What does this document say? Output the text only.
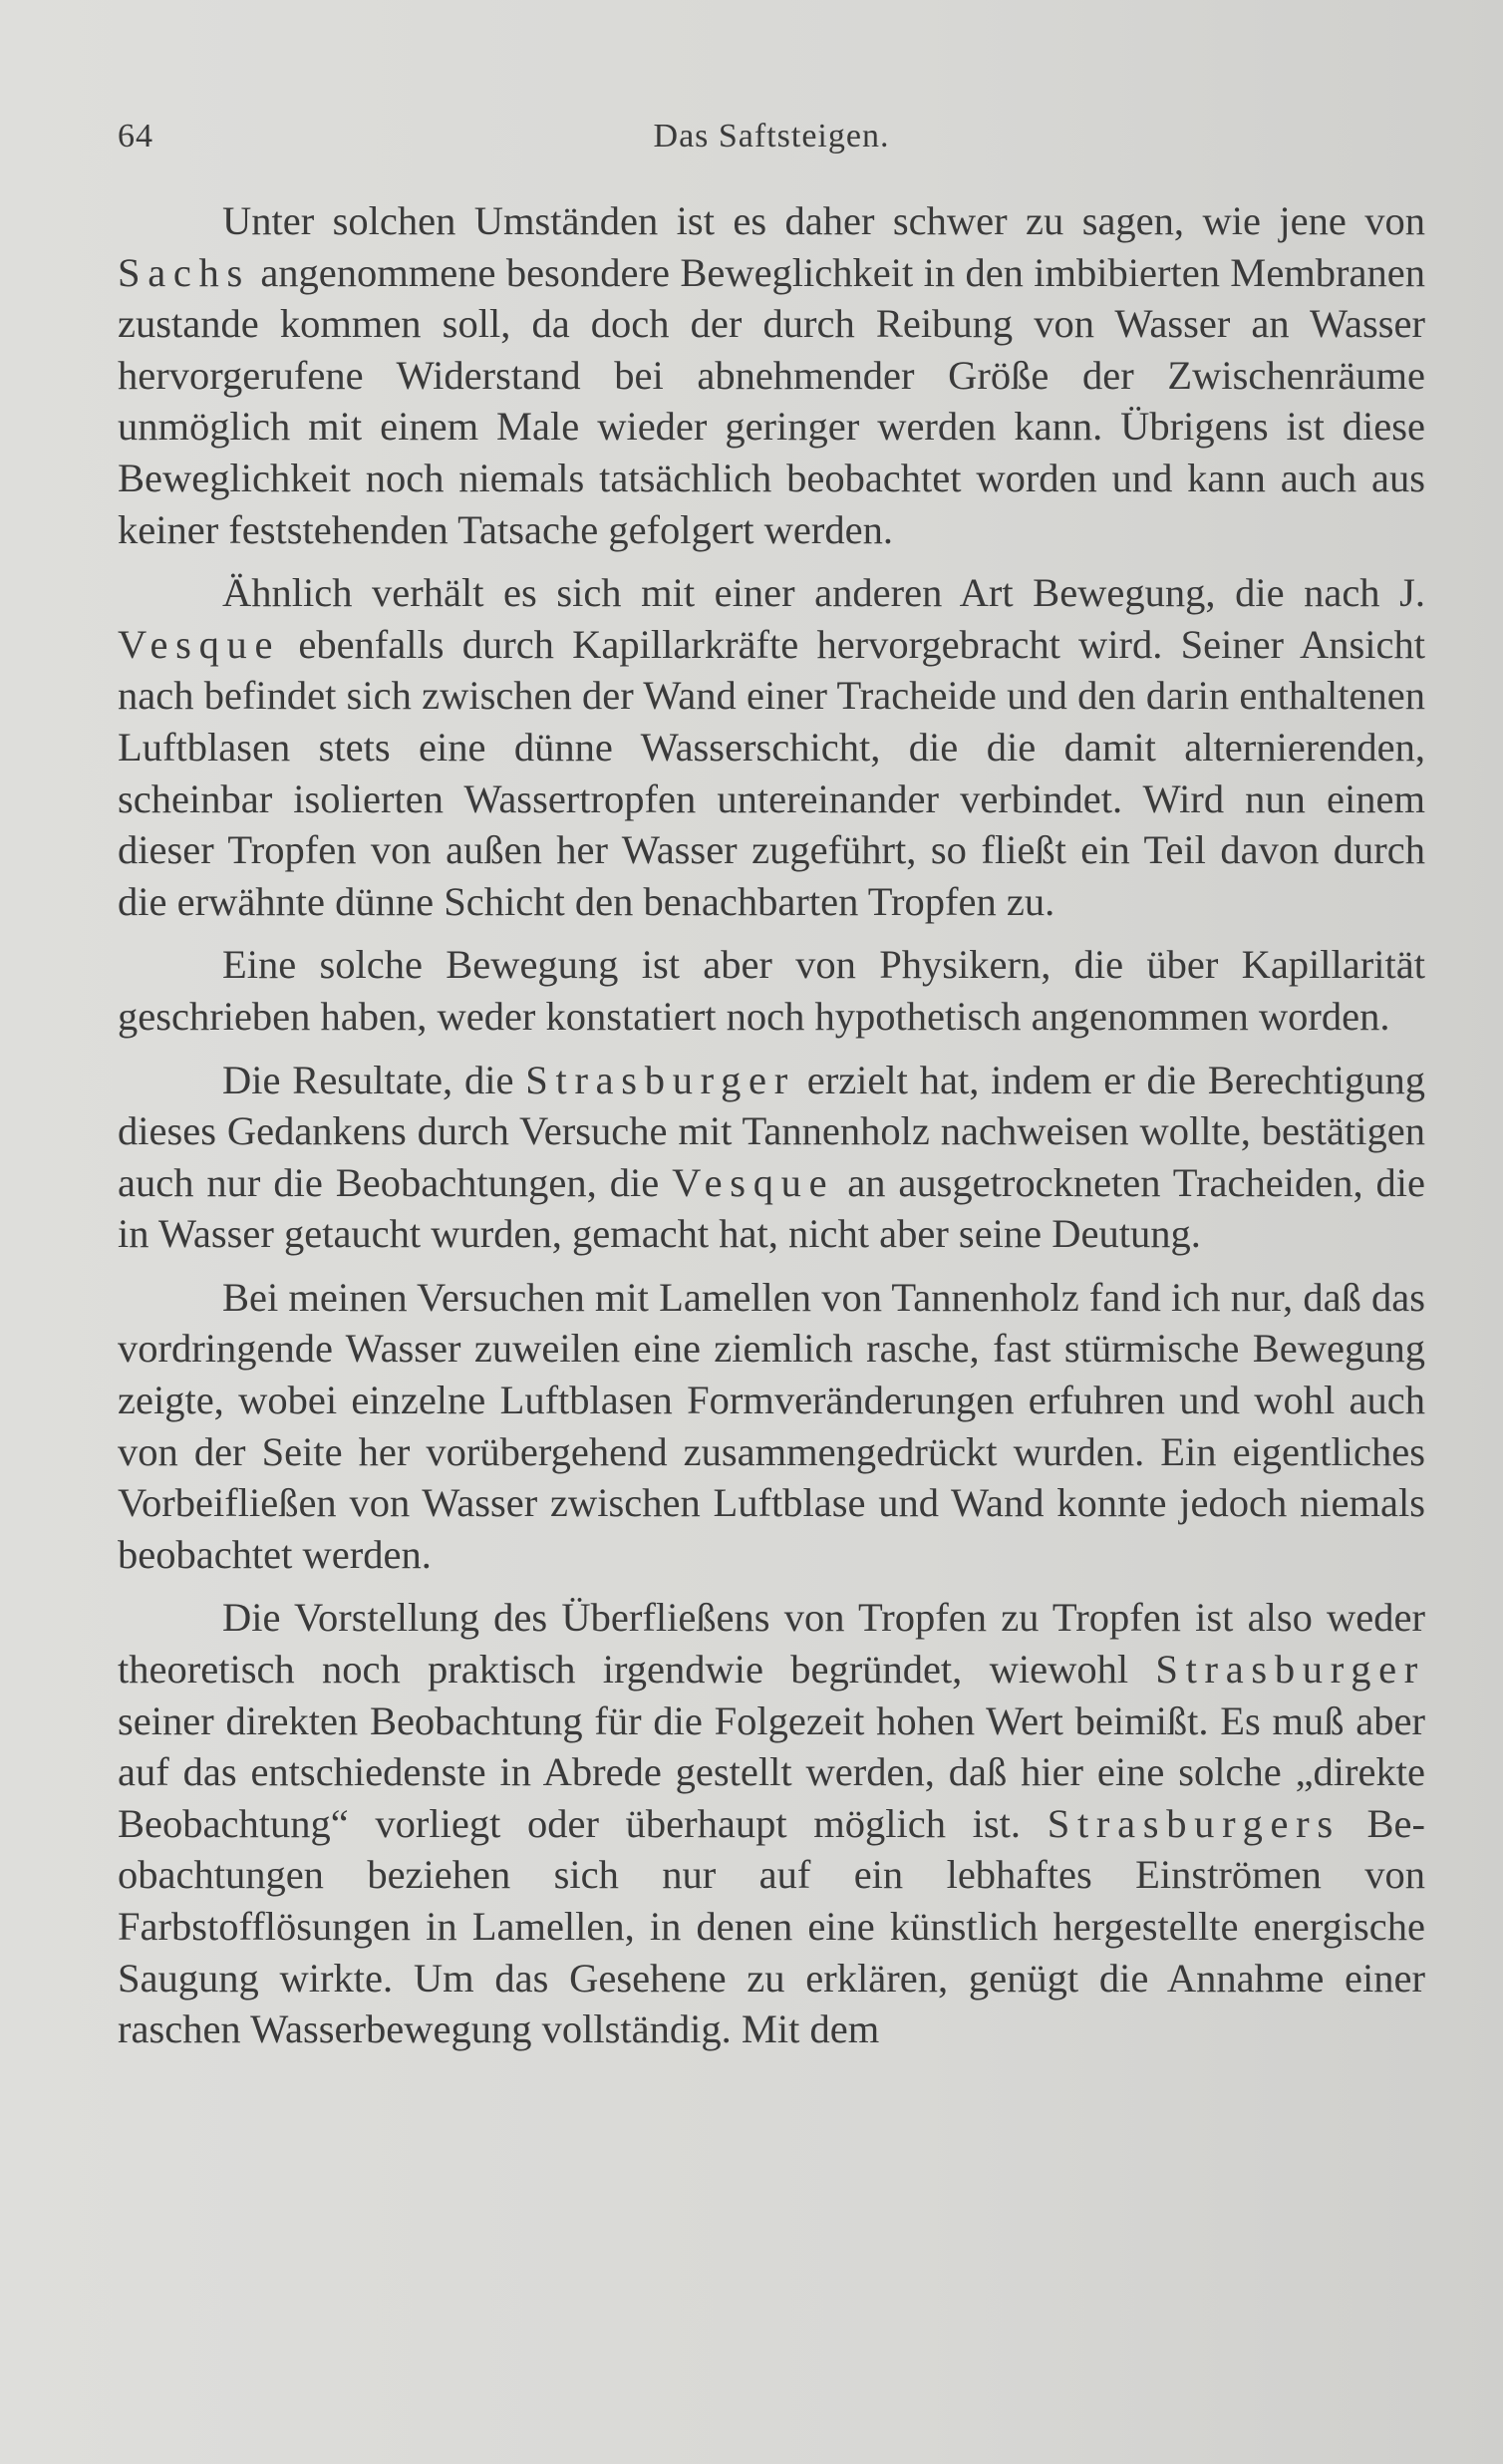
64	Das Saftsteigen.

Unter solchen Umständen ist es daher schwer zu sagen, wie jene von Sachs angenommene besondere Beweglichkeit in den imbibierten Membranen zustande kommen soll, da doch der durch Reibung von Wasser an Wasser hervorgerufene Widerstand bei abnehmender Größe der Zwischenräume unmöglich mit einem Male wieder geringer werden kann. Übrigens ist diese Beweglichkeit noch niemals tatsächlich beobachtet worden und kann auch aus keiner feststehenden Tatsache gefolgert werden.

Ähnlich verhält es sich mit einer anderen Art Bewegung, die nach J. Vesque ebenfalls durch Kapillarkräfte hervorgebracht wird. Seiner Ansicht nach befindet sich zwischen der Wand einer Tracheide und den darin enthaltenen Luftblasen stets eine dünne Wasserschicht, die die damit alternierenden, scheinbar isolierten Wassertropfen untereinander verbindet. Wird nun einem dieser Tropfen von außen her Wasser zugeführt, so fließt ein Teil davon durch die erwähnte dünne Schicht den benachbarten Tropfen zu.

Eine solche Bewegung ist aber von Physikern, die über Kapillarität geschrieben haben, weder konstatiert noch hypothetisch angenommen worden.

Die Resultate, die Strasburger erzielt hat, indem er die Berechtigung dieses Gedankens durch Versuche mit Tannenholz nachweisen wollte, bestätigen auch nur die Beobachtungen, die Vesque an ausgetrockneten Tracheiden, die in Wasser getaucht wurden, gemacht hat, nicht aber seine Deutung.

Bei meinen Versuchen mit Lamellen von Tannenholz fand ich nur, daß das vordringende Wasser zuweilen eine ziemlich rasche, fast stürmische Bewegung zeigte, wobei einzelne Luftblasen Formveränderungen erfuhren und wohl auch von der Seite her vorübergehend zusammengedrückt wurden. Ein eigentliches Vorbeifließen von Wasser zwischen Luftblase und Wand konnte jedoch niemals beobachtet werden.

Die Vorstellung des Überfließens von Tropfen zu Tropfen ist also weder theoretisch noch praktisch irgendwie begründet, wiewohl Strasburger seiner direkten Beobachtung für die Folgezeit hohen Wert beimißt. Es muß aber auf das entschiedenste in Abrede gestellt werden, daß hier eine solche „direkte Beobachtung“ vorliegt oder überhaupt möglich ist. Strasburgers Beobachtungen beziehen sich nur auf ein lebhaftes Einströmen von Farbstofflösungen in Lamellen, in denen eine künstlich hergestellte energische Saugung wirkte. Um das Gesehene zu erklären, genügt die Annahme einer raschen Wasserbewegung vollständig. Mit dem
